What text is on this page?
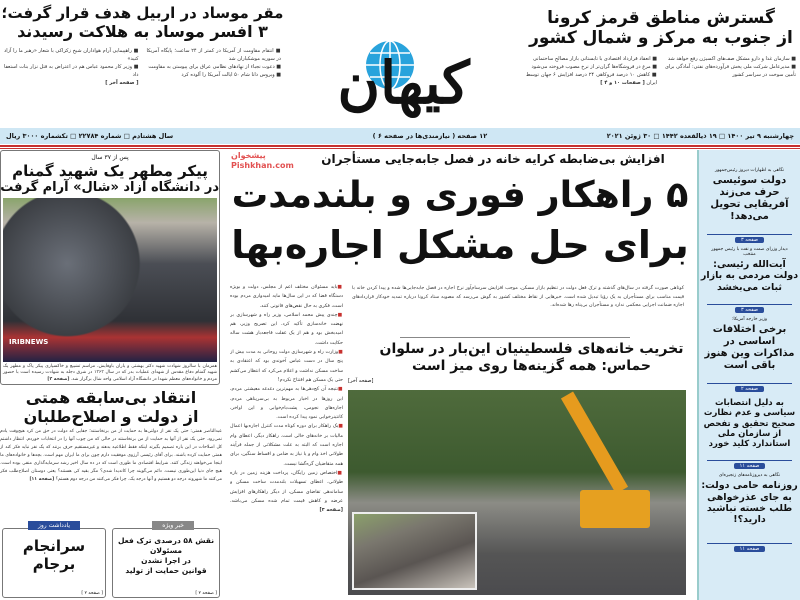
مقر موساد در اربیل هدف قرار گرفت؛
۳ افسر موساد به هلاکت رسیدند
■ انتقام مقاومت از آمریکا در کمتر از ۲۴ ساعت؛ پایگاه آمریکا در سوریه موشکباران شد
■ دعوت نجباء از نهادهای نظامی عراق برای پیوستن به مقاومت
■ ویروس دانا شام ۵۰ ایالت آمریکا را آلوده کرد
■ راهپیمایی آرام هواداران شیخ زکزاکی با شعار «رهبر ما را آزاد کنید»
■ وزیر کار محمود عباس هم در اعتراض به قتل نزار بنات استعفا داد
[ صفحه آخر ]	کیهان
گسترش مناطق قرمز کرونا
از جنوب به مرکز و شمال کشور
■ سازمان غذا و دارو مشکل صف‌های اکسیژن رفع خواهد شد
■ مدیرعامل شرکت ملی پخش فرآورده‌های نفتی: آمادگی برای تأمین سوخت در سراسر کشور
■ انعقاد قرارداد اقتصادی با تابستانی بازار مصالح ساختمانی
■ مرغ در فروشگاه‌ها گران‌تر از نرخ مصوب فروخته می‌شود
■ کاهش ۱۰ درصد فروکاهی ۲۴ درصد افزایش ۶ جهان توسط ایران [ صفحات ۱۰ و ۴ ]
چهارشنبه ۹ تیر ۱۴۰۰ □ ۱۹ ذیالقعده ۱۴۴۲ □ ۳۰ ژوئن ۲۰۲۱
۱۲ صفحه ( نیازمندی‌ها در صفحه ۶ )
سال هشتادم □ شماره ۲۲۷۸۴ □ تکشماره ۳۰۰۰ ریال
پیشخوان
Pishkhan.com
پس از ۳۷ سال
پیکر مطهر یک شهید گمنام
در دانشگاه آزاد «شال» آرام گرفت
IRIBNEWS
همزمان با سالروز شهادت شهید دکتر بهشتی و یاران باوفایش، مراسم تشییع و خاکسپاری پیکر پاک و مطهر یک شهید گمنام دفاع مقدس از شهدای عملیات بدر که در سال ۱۳۶۳ در شرق دجله به شهادت رسیده است با حضور مردم و خانواده‌های معظم شهدا در دانشگاه آزاد اسلامی واحد شال برگزار شد. [صفحه ۲]
انتقاد بی‌سابقه همتی
از دولت و اصلاح‌طلبان
عبدالناصر همتی: حتی یک نفر از دولتی‌ها به حمایت از من برنخاستند؛ جفایی که دولت در حق من کرد هیچ‌وقت یادم نمی‌رود. حتی یک نفر از آنها به حمایت از من برنخاستند در حالی که من چوب آنها را در انتخابات خوردم. انتظار داشتم کل اصلاحات در این باره تصمیم بگیرند اینکه فقط اطلاعیه بدهند و غیرمستقیم حرف بزنند که یک نفر نباید فکر کند از همتی حمایت کرده باشند. برای آقای رئیسی آرزوی موفقیت دارم چون برای ما ایران مهم است. بچه‌ها و خانواده‌های ما اینجا می‌خواهند زندگی کنند. شرایط اقتصادی ما طوری است که در ده سال اخیر رشد سرمایه‌گذاری منفی بوده است. هیچ جای دنیا این‌طوری نیست. دائم می‌گویند چرا کاندیدا شدی؟ مگر بقیه کی هستند؟ یعنی دوستان اصلاح‌طلب فکر می‌کنند ما شهروند درجه دو هستیم و آنها درجه یک. چرا فکر می‌کنند من درجه دوم هستم؟ [صفحه ۱۱]
خبر ویژه
نقش ۵۸ درصدی ترک فعل مسئولان
در اجرا نشدن
قوانین حمایت از تولید
[ صفحه ۲ ]
یادداشت روز
سرانجام
برجام
[ صفحه ۲ ]
افزایش بی‌ضابطه کرایه خانه در فصل جابه‌جایی مستأجران
۵ راهکار فوری و بلندمدت
برای حل مشکل اجاره‌بها
کوتاهی صورت گرفته در سال‌های گذشته و ترک فعل دولت در تنظیم بازار مسکن، موجب افزایش سرسام‌آور نرخ اجاره در فصل جابه‌جایی‌ها شده و پیدا کردن خانه با قیمت مناسب برای مستأجران به یک رؤیا تبدیل شده است. خبرهایی از نقاط مختلف کشور به گوش می‌رسد که مصوبه ستاد کرونا درباره تمدید خودکار قراردادهای اجاره ضمانت اجرایی محکمی ندارد و مستأجران بی‌پناه رها شده‌اند.

■باید مسئولان مختلف اعم از مجلس، دولت و بویژه دستگاه قضا که در این سال‌ها مایه امیدواری مردم بوده است، فکری به حال نقص‌های قانونی کنند.

■چندی پیش محمد اسلامی، وزیر راه و شهرسازی بر نهضت خانه‌سازی تأکید کرد. این تصریح وزیر، هم امیدبخش بود و هم از یک غفلت فاجعه‌بار هشت ساله حکایت داشت.

■وزارت راه و شهرسازی دولت روحانی به مدت بیش از پنج سال در دست عباس آخوندی بود که اعتقادی به ساخت مسکن نداشت و اعلام می‌کرد که انتظار می‌کشم حتی یک مسکن هم افتتاح نکردم!

■نتیجه آن کج‌دهی‌ها به مهم‌ترین دغدغه معیشتی مردم، این روزها در اخبار مربوط به بی‌سرپناهی مردم، اجاره‌های نجومی، پشت‌بام‌خوابی و این اواخر، کانتینرخوابی نمود پیدا کرده است.

■یک راهکار برای دوره کوتاه مدت کنترل اجاره‌بها اعمال مالیات بر خانه‌های خالی است. راهکار دیگر، اعطای وام اجاره است که البته به علت مشکلاتی از جمله فرآیند طولانی اخذ وام و یا نیاز به ضامن و اقساط سنگین، برای همه متقاضیان گره‌گشا نیست.

■اختصاص زمین رایگان، پرداخت هزینه زمین در بازه طولانی، اعطای تسهیلات بلندمدت ساخت مسکن و ساماندهی تقاضای مسکن، از دیگر راهکارهای افزایش عرضه و کاهش قیمت تمام شده مسکن می‌باشد. [صفحه ۴]

تخریب خانه‌های فلسطینیان این‌بار در سلوان
حماس: همه گزینه‌ها روی میز است
[صفحه آخر]
نگاهی به اظهارات دیروز رئیس‌جمهور
دولت سوئیسی حرف می‌زند آفریقایی تحویل می‌دهد!
صفحه ۳
دیدار وزرای صمت و نفت با رئیس جمهور منتخب
آیت‌الله رئیسی: دولت مردمی به بازار ثبات می‌بخشد
صفحه ۳
وزیر خارجه آمریکا:
برخی اختلافات اساسی در مذاکرات وین هنوز باقی است
صفحه ۲
به دلیل انتصابات سیاسی و عدم نظارت صحیح تحقیق و تفحص از سازمان ملی استاندارد کلید خورد
صفحه ۱۱
نگاهی به دیروزنامه‌های زنجیره‌ای
روزنامه حامی دولت: به جای عذرخواهی طلب خسته نباشید دارید؟!
صفحه ۱۱
